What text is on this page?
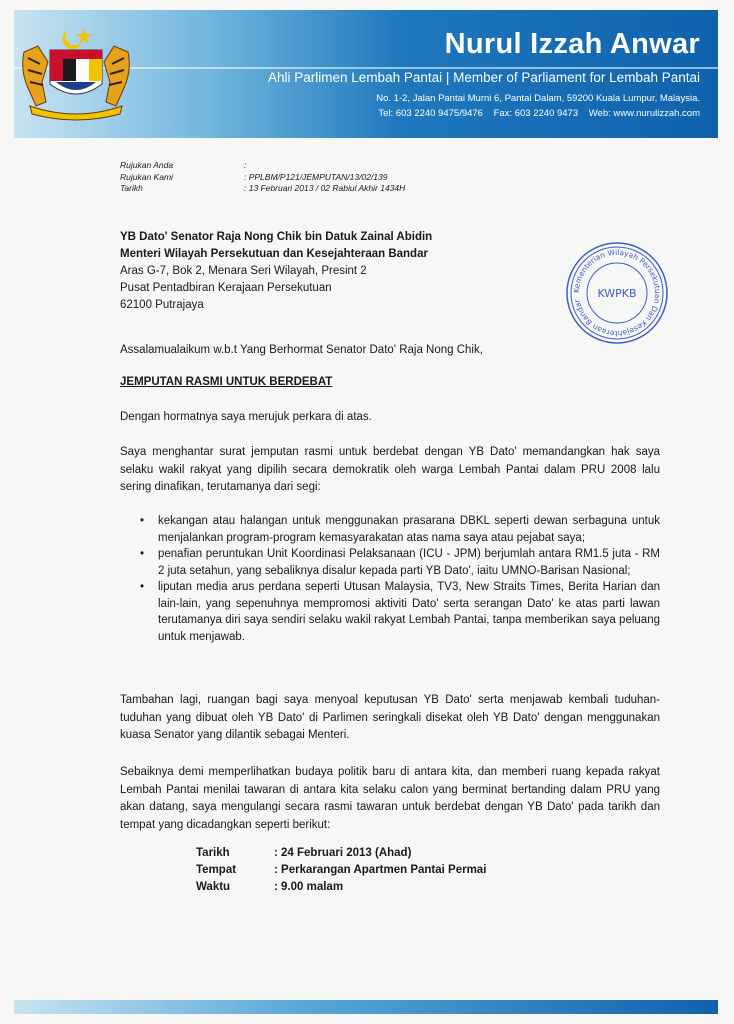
Nurul Izzah Anwar
Ahli Parlimen Lembah Pantai | Member of Parliament for Lembah Pantai
No. 1-2, Jalan Pantai Murni 6, Pantai Dalam, 59200 Kuala Lumpur, Malaysia.
Tel: 603 2240 9475/9476 Fax: 603 2240 9473 Web: www.nurulizzah.com
Rujukan Anda	:
Rujukan Kami	: PPLBM/P121/JEMPUTAN/13/02/139
Tarikh	: 13 Februari 2013 / 02 Rabiul Akhir 1434H
YB Dato' Senator Raja Nong Chik bin Datuk Zainal Abidin
Menteri Wilayah Persekutuan dan Kesejahteraan Bandar
Aras G-7, Bok 2, Menara Seri Wilayah, Presint 2
Pusat Pentadbiran Kerajaan Persekutuan
62100 Putrajaya
Kementerian Wilayah Persekutuan Dan Kesejahteraan Bandar
KWPKB
Assalamualaikum w.b.t Yang Berhormat Senator Dato' Raja Nong Chik,
JEMPUTAN RASMI UNTUK BERDEBAT
Dengan hormatnya saya merujuk perkara di atas.
Saya menghantar surat jemputan rasmi untuk berdebat dengan YB Dato' memandangkan hak saya selaku wakil rakyat yang dipilih secara demokratik oleh warga Lembah Pantai dalam PRU 2008 lalu sering dinafikan, terutamanya dari segi:
• kekangan atau halangan untuk menggunakan prasarana DBKL seperti dewan serbaguna untuk menjalankan program-program kemasyarakatan atas nama saya atau pejabat saya;
• penafian peruntukan Unit Koordinasi Pelaksanaan (ICU - JPM) berjumlah antara RM1.5 juta - RM 2 juta setahun, yang sebaliknya disalur kepada parti YB Dato', iaitu UMNO-Barisan Nasional;
• liputan media arus perdana seperti Utusan Malaysia, TV3, New Straits Times, Berita Harian dan lain-lain, yang sepenuhnya mempromosi aktiviti Dato' serta serangan Dato' ke atas parti lawan terutamanya diri saya sendiri selaku wakil rakyat Lembah Pantai, tanpa memberikan saya peluang untuk menjawab.
Tambahan lagi, ruangan bagi saya menyoal keputusan YB Dato' serta menjawab kembali tuduhan-tuduhan yang dibuat oleh YB Dato' di Parlimen seringkali disekat oleh YB Dato' dengan menggunakan kuasa Senator yang dilantik sebagai Menteri.
Sebaiknya demi memperlihatkan budaya politik baru di antara kita, dan memberi ruang kepada rakyat Lembah Pantai menilai tawaran di antara kita selaku calon yang berminat bertanding dalam PRU yang akan datang, saya mengulangi secara rasmi tawaran untuk berdebat dengan YB Dato' pada tarikh dan tempat yang dicadangkan seperti berikut:
Tarikh	: 24 Februari 2013 (Ahad)
Tempat	: Perkarangan Apartmen Pantai Permai
Waktu	: 9.00 malam
